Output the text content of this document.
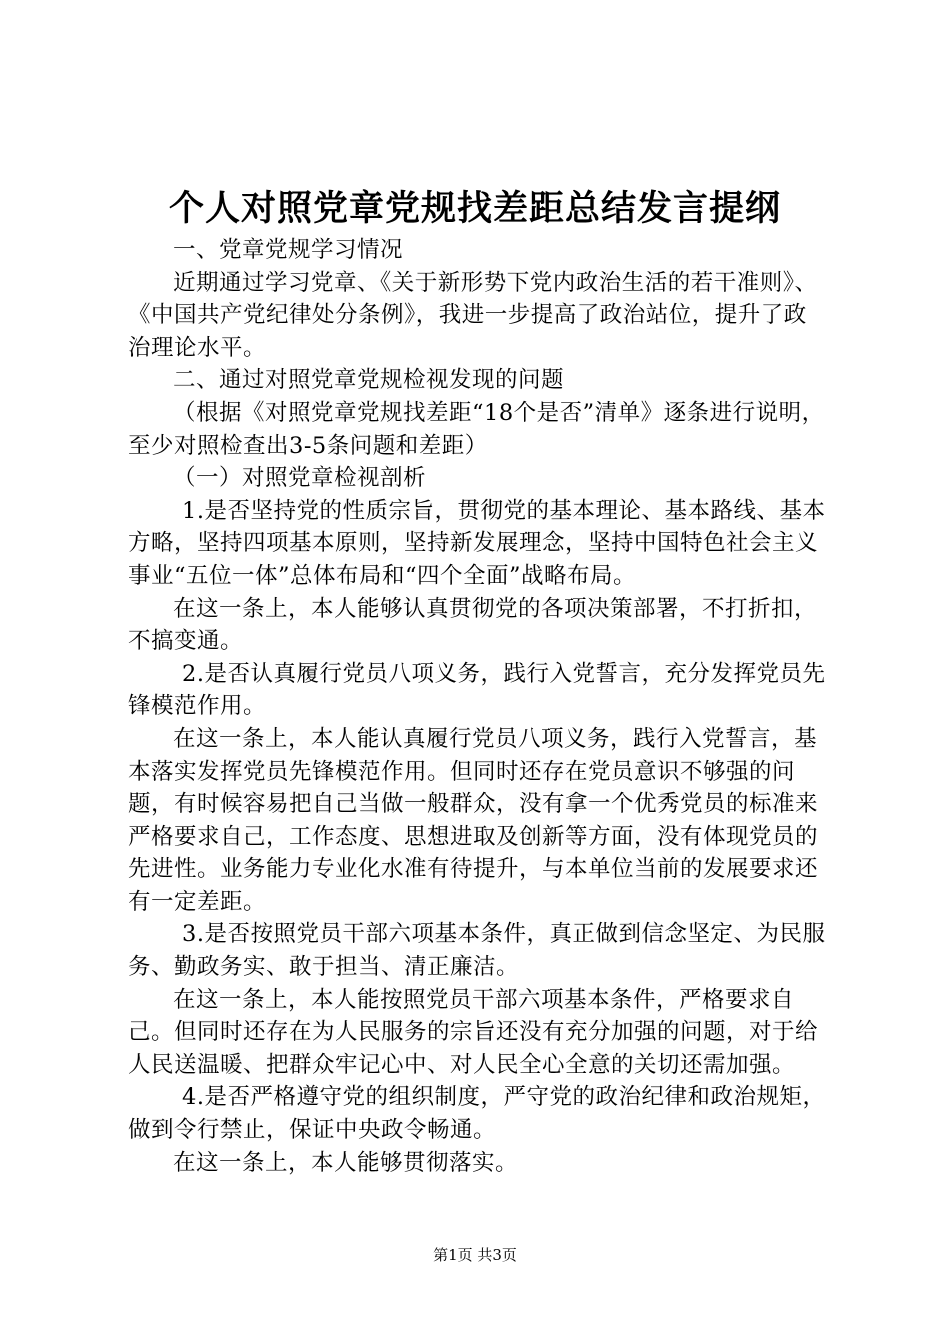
个人对照党章党规找差距总结发言提纲

一、党章党规学习情况

近期通过学习党章、《关于新形势下党内政治生活的若干准则》、《中国共产党纪律处分条例》，我进一步提高了政治站位，提升了政治理论水平。

二、通过对照党章党规检视发现的问题

（根据《对照党章党规找差距“18个是否”清单》逐条进行说明，至少对照检查出3-5条问题和差距）

（一）对照党章检视剖析

1.是否坚持党的性质宗旨，贯彻党的基本理论、基本路线、基本方略，坚持四项基本原则，坚持新发展理念，坚持中国特色社会主义事业“五位一体”总体布局和“四个全面”战略布局。

在这一条上，本人能够认真贯彻党的各项决策部署，不打折扣，不搞变通。

2.是否认真履行党员八项义务，践行入党誓言，充分发挥党员先锋模范作用。

在这一条上，本人能认真履行党员八项义务，践行入党誓言，基本落实发挥党员先锋模范作用。但同时还存在党员意识不够强的问题，有时候容易把自己当做一般群众，没有拿一个优秀党员的标准来严格要求自己，工作态度、思想进取及创新等方面，没有体现党员的先进性。业务能力专业化水准有待提升，与本单位当前的发展要求还有一定差距。

3.是否按照党员干部六项基本条件，真正做到信念坚定、为民服务、勤政务实、敢于担当、清正廉洁。

在这一条上，本人能按照党员干部六项基本条件，严格要求自己。但同时还存在为人民服务的宗旨还没有充分加强的问题，对于给人民送温暖、把群众牢记心中、对人民全心全意的关切还需加强。

4.是否严格遵守党的组织制度，严守党的政治纪律和政治规矩，做到令行禁止，保证中央政令畅通。

在这一条上，本人能够贯彻落实。

第1页 共3页
